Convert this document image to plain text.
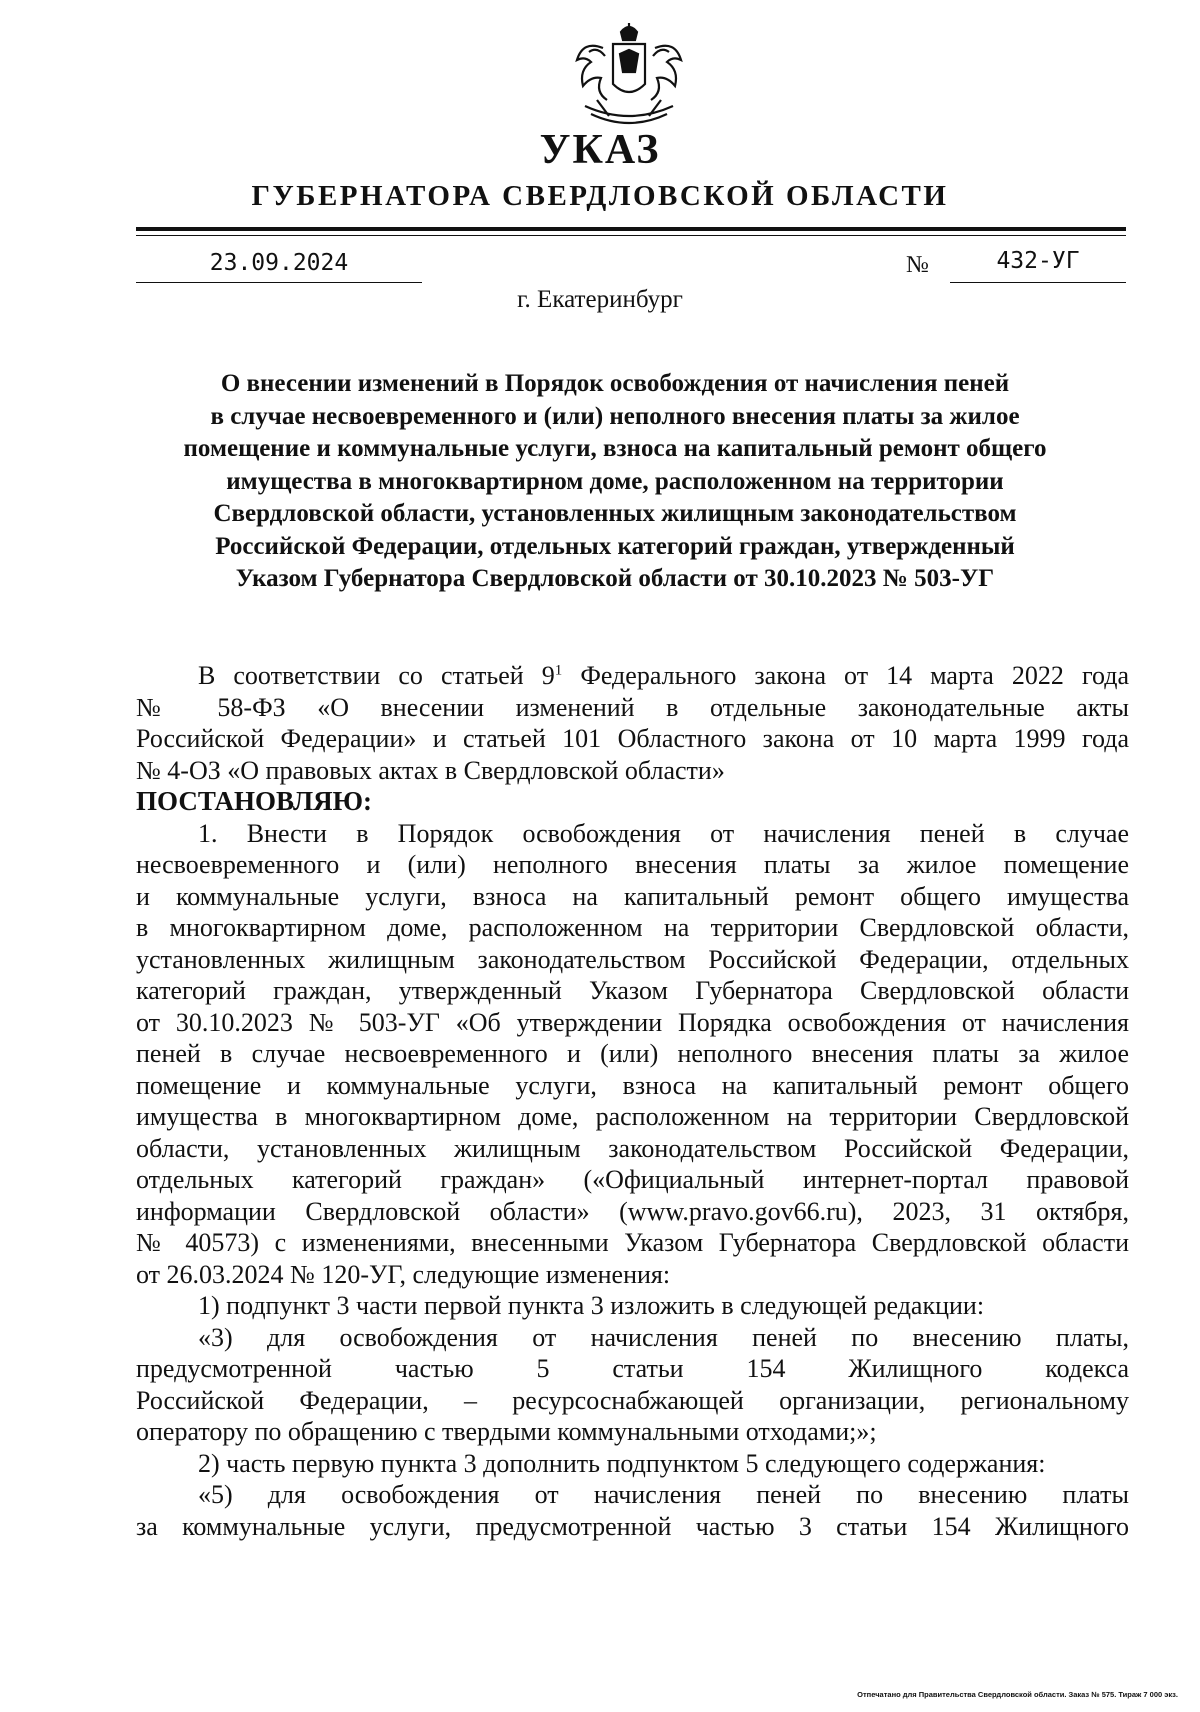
УКАЗ
ГУБЕРНАТОРА СВЕРДЛОВСКОЙ ОБЛАСТИ
23.09.2024	№	432-УГ
г. Екатеринбург
О внесении изменений в Порядок освобождения от начисления пеней
в случае несвоевременного и (или) неполного внесения платы за жилое
помещение и коммунальные услуги, взноса на капитальный ремонт общего
имущества в многоквартирном доме, расположенном на территории
Свердловской области, установленных жилищным законодательством
Российской Федерации, отдельных категорий граждан, утвержденный
Указом Губернатора Свердловской области от 30.10.2023 № 503-УГ
В соответствии со статьей $9^1$ Федерального закона от 14 марта 2022 года
№ 58-ФЗ «О внесении изменений в отдельные законодательные акты
Российской Федерации» и статьей 101 Областного закона от 10 марта 1999 года
№ 4-ОЗ «О правовых актах в Свердловской области»
ПОСТАНОВЛЯЮ:
1. Внести в Порядок освобождения от начисления пеней в случае
несвоевременного и (или) неполного внесения платы за жилое помещение
и коммунальные услуги, взноса на капитальный ремонт общего имущества
в многоквартирном доме, расположенном на территории Свердловской области,
установленных жилищным законодательством Российской Федерации, отдельных
категорий граждан, утвержденный Указом Губернатора Свердловской области
от 30.10.2023 № 503-УГ «Об утверждении Порядка освобождения от начисления
пеней в случае несвоевременного и (или) неполного внесения платы за жилое
помещение и коммунальные услуги, взноса на капитальный ремонт общего
имущества в многоквартирном доме, расположенном на территории Свердловской
области, установленных жилищным законодательством Российской Федерации,
отдельных категорий граждан» («Официальный интернет-портал правовой
информации Свердловской области» (www.pravo.gov66.ru), 2023, 31 октября,
№ 40573) с изменениями, внесенными Указом Губернатора Свердловской области
от 26.03.2024 № 120-УГ, следующие изменения:
1) подпункт 3 части первой пункта 3 изложить в следующей редакции:
«3) для освобождения от начисления пеней по внесению платы,
предусмотренной частью 5 статьи 154 Жилищного кодекса
Российской Федерации, – ресурсоснабжающей организации, региональному
оператору по обращению с твердыми коммунальными отходами;»;
2) часть первую пункта 3 дополнить подпунктом 5 следующего содержания:
«5) для освобождения от начисления пеней по внесению платы
за коммунальные услуги, предусмотренной частью 3 статьи 154 Жилищного
Отпечатано для Правительства Свердловской области. Заказ № 575. Тираж 7 000 экз.
